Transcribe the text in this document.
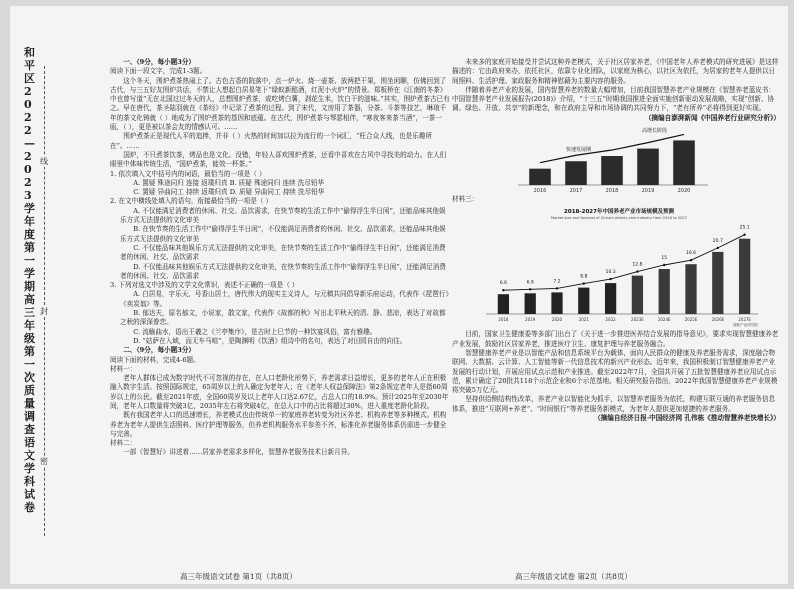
和平区2022—2023学年度第一学期高三年级第一次质量调查语文学科试卷
线
封
密

一、（9分，每小题3分）

阅读下面一段文字，完成1-3题。

这个冬天，围炉煮茶热闹上了。古色古香的院落中，点一炉火、烧一壶茶、放两把干果，围坐闲聊，仿佛回到了古代，与三五好友围炉共话，不禁让人想起白居易笔下“绿蚁新醅酒，红泥小火炉”的情景。郑板桥在《江南的冬茶》中也曾写道“无在北国过过冬天的人，总想围炉煮茶，或吃烤白薯，剥花生米，饮白干的滋味。”其实，围炉煮茶古已有之。早在唐代，茶圣陆羽就在《茶经》中记录了煮茶的过程。到了宋代，文房用了茶器，分茶、斗茶等技艺，琳琅千年的茶文化铸就（ ）地成为了围炉煮茶的基因和底蕴。在古代，围炉煮茶与琴瑟相伴，“寒夜客来茶当酒”，一茶一瓯，（ ），更是被以茶会友的情感认可。……

围炉煮茶正是现代人平的追捧，并非（ ）火热的时间加以拉为流行的一个词汇，“枉合众人线，也是乐趣所在”。……

国炉，不只煮茶饮茶，烤品也是文化。没错，年轻人喜欢围炉煮茶，还看中喜欢在古风中寻找美的动力。在人们眼里中体味传统生活，“国炉煮茶，能效一杯茶。”

1. 依次填入文中括号内的词语，最恰当的一项是（ ）

A. 置疑 殊途同归 连接 返璞归真 B. 质疑 殊途同归 连续 洗尽铅华

C. 置疑 异曲同工 持续 返璞归真 D. 质疑 异曲同工 持续 洗尽铅华

2. 在文中横线处填入的语句，衔接最恰当的一项是（ ）

A. 不仅能满足消费者的休闲、社交、品饮需求，在快节奏的生活工作中“偷得浮生半日闲”，还能品味其他娱乐方式无法提供的文化审美

B. 在快节奏的生活工作中“偷得浮生半日闲”，不仅能满足消费者的休闲、社交、品饮需求，还能品味其他娱乐方式无法提供的文化审美

C. 不仅能品味其他娱乐方式无法提供的文化审美，在快节奏的生活工作中“偷得浮生半日闲”，还能满足消费者的休闲、社交、品饮需求

D. 不仅能品味其他娱乐方式无法提供的文化审美，在快节奏的生活工作中“偷得浮生半日闲”，还能满足消费者的休闲、社交、品饮需求

3. 下列对选文中涉及的文学文化常识，表述不正确的一项是（ ）

A. 白居易，字乐天，号香山居士，唐代伟大的现实主义诗人，与元稹共同倡导新乐府运动，代表作《琵琶行》《卖炭翁》等。

B. 郁达夫，原名郁文，小说家，散文家，代表作《故都的秋》写出北平秋天的清、静、悲凉，表达了对故都之秋的深深眷恋。

C. 流觞曲水，语出王羲之《兰亭集序》，是古时上巳节的一种饮宴风俗，富有雅趣。

D. “姑萨在入域，而无车马喧”，是陶渊明《饮酒》组诗中的名句，表达了对田园自由的向往。

二、（9分，每小题3分）

阅读下面的材料，完成4-6题。

材料一：

老年人群体已成为数字时代不可忽视的存在，在人口老龄化形势下，养老需求日益增长，更多的老年人正在积极融入数字生活。按照国际规定，65周岁以上的人确定为老年人；在《老年人权益保障法》第2条规定老年人是指60周岁以上的公民。截至2021年底，全国60周岁及以上老年人口达2.67亿，占总人口的18.9%。预计2025年至2030年间，老年人口数量将突破3亿，2035年左右将突破4亿，在总人口中的占比将超过30%，进入重度老龄化阶段。

既有我国老年人口的迅速增长，养老模式也由传统单一的家庭养老转变为社区养老、机构养老等多种模式。机构养老为老年人提供生活照料、医疗护理等服务，但养老机构服务水平参差不齐，标准化养老服务体系仍需进一步健全与完善。

材料二：

一部《智慧好》讲述着……居家养老需求多样化，智慧养老服务技术日新月异。

未来多的家庭开始接受并尝试这种养老模式，关于社区居家养老，《中国老年人养老模式的研究进展》是这样描述的：它由政府来办，依托社区，依靠专业化团队，以家庭为核心，以社区为依托，为居家的老年人提供以日间照料、生活护理、家政服务和精神慰藉为主要内容的服务。

伴随着养老产业的发展，国内智慧养老的数量大幅增加，目前我国智慧养老产业规模在《智慧养老蓝皮书：中国智慧养老产业发展报告(2018)》介绍，“十三五”时期我国推进全面实施创新驱动发展战略，实现“创新、协调、绿色、开放、共享”的新理念，和在政府主导和市场协调的共同努力下，“老有所养”必将得到更好实现。

（摘编自澎湃新闻《中国养老行业研究分析》）

2016	2017	2018	2019	2020
快速发展期
高增长阶段

材料三：

2018-2027年中国养老产业市场规模及预测
Market size and forecast of China's elderly care industry from 2018 to 2027
6.6
2018
6.9
2019
7.2
2020
8.8
2021
10.3
2022
12.8
2023E
15
2024E
16.6
2025E
20.7
2026E
25.1
2027E
前瞻产业研究院

目前，国家卫生健康委等多部门出台了《关于进一步推进医养结合发展的指导意见》，要求实现智慧健康养老产业发展，鼓励社区居家养老，推进医疗卫生、康复护理与养老服务融合。

智慧健康养老产业是以智能产品和信息系统平台为载体，面向人民群众的健康及养老服务需求，深度融合物联网、大数据、云计算、人工智能等新一代信息技术的新兴产业形态。近年来，我国积极制订智慧健康养老产业发展的行动计划，开展应用试点示范和产业推进。截至2022年7月，全国共开展了五批智慧健康养老应用试点示范，累计确定了20批共118个示范企业和6个示范基地。相关研究报告指出，2022年我国智慧健康养老产业规模将突破5万亿元。

坚持供给侧结构性改革，养老产业以智能化为抓手，以智慧养老服务为依托，构建互联互通的养老服务信息体系，推进“互联网+养老”、“时间银行”等养老服务新模式，为老年人提供更加便捷的养老服务。

（摘编自经济日报·中国经济网 孔伟栋《推动智慧养老快增长》）

高三年级语文试卷 第1页（共8页）	高三年级语文试卷 第2页（共8页）
